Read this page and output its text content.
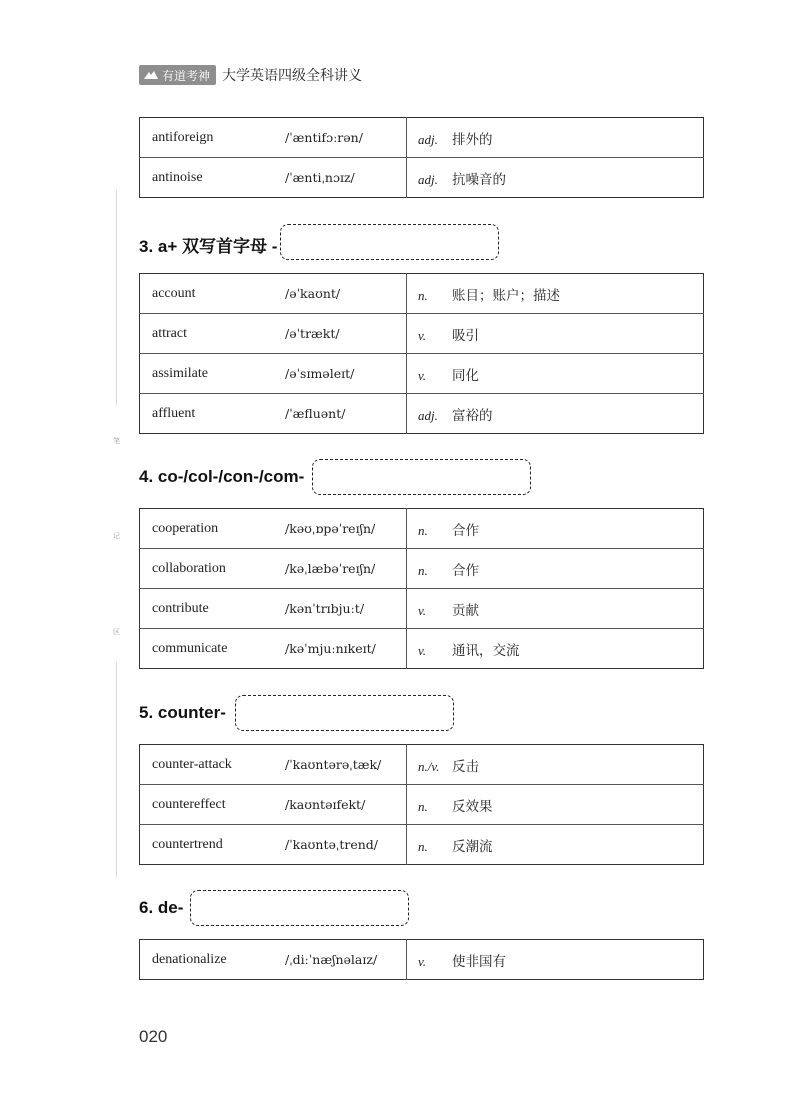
有道考神 大学英语四级全科讲义
笔
记
区
antiforeign	/ˈæntifɔːrən/	adj. 排外的
antinoise	/ˈæntiˌnɔɪz/	adj. 抗噪音的
3. a+ 双写首字母 -
account	/əˈkaʊnt/	n. 账目；账户；描述
attract	/əˈtrækt/	v. 吸引
assimilate	/əˈsɪməleɪt/	v. 同化
affluent	/ˈæfluənt/	adj. 富裕的
4. co-/col-/con-/com-
cooperation	/kəʊˌɒpəˈreɪʃn/	n. 合作
collaboration	/kəˌlæbəˈreɪʃn/	n. 合作
contribute	/kənˈtrɪbjuːt/	v. 贡献
communicate	/kəˈmjuːnɪkeɪt/	v. 通讯，交流
5. counter-
counter-attack	/ˈkaʊntərəˌtæk/	n./v. 反击
countereffect	/kaʊntəɪfekt/	n. 反效果
countertrend	/ˈkaʊntəˌtrend/	n. 反潮流
6. de-
denationalize	/ˌdiːˈnæʃnəlaɪz/	v. 使非国有
020
